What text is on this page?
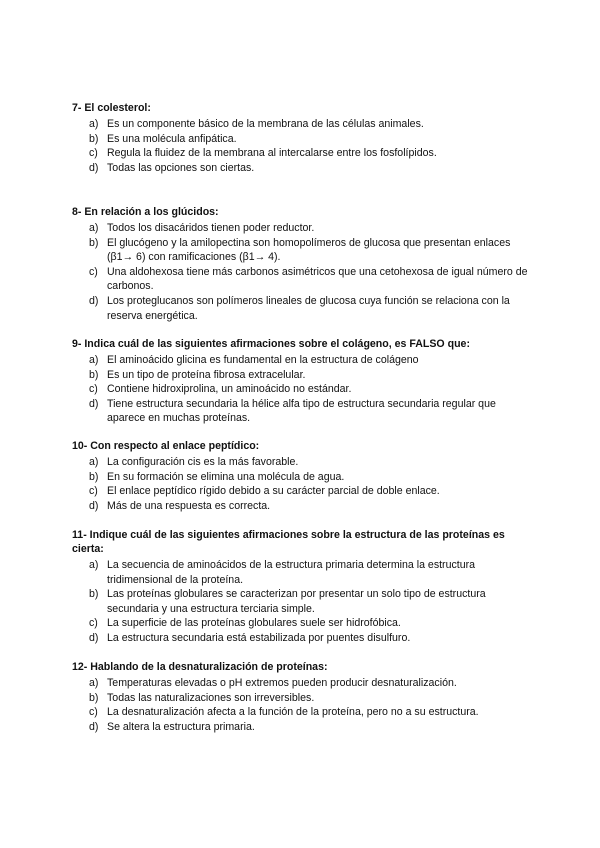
7- El colesterol:

a) Es un componente básico de la membrana de las células animales.
b) Es una molécula anfipática.
c) Regula la fluidez de la membrana al intercalarse entre los fosfolípidos.
d) Todas las opciones son ciertas.

8- En relación a los glúcidos:

a) Todos los disacáridos tienen poder reductor.
b) El glucógeno y la amilopectina son homopolímeros de glucosa que presentan enlaces (β1→ 6) con ramificaciones (β1→ 4).
c) Una aldohexosa tiene más carbonos asimétricos que una cetohexosa de igual número de carbonos.
d) Los proteglucanos son polímeros lineales de glucosa cuya función se relaciona con la reserva energética.

9- Indica cuál de las siguientes afirmaciones sobre el colágeno, es FALSO que:

a) El aminoácido glicina es fundamental en la estructura de colágeno
b) Es un tipo de proteína fibrosa extracelular.
c) Contiene hidroxiprolina, un aminoácido no estándar.
d) Tiene estructura secundaria la hélice alfa tipo de estructura secundaria regular que aparece en muchas proteínas.

10- Con respecto al enlace peptídico:

a) La configuración cis es la más favorable.
b) En su formación se elimina una molécula de agua.
c) El enlace peptídico rígido debido a su carácter parcial de doble enlace.
d) Más de una respuesta es correcta.

11- Indique cuál de las siguientes afirmaciones sobre la estructura de las proteínas es cierta:

a) La secuencia de aminoácidos de la estructura primaria determina la estructura tridimensional de la proteína.
b) Las proteínas globulares se caracterizan por presentar un solo tipo de estructura secundaria y una estructura terciaria simple.
c) La superficie de las proteínas globulares suele ser hidrofóbica.
d) La estructura secundaria está estabilizada por puentes disulfuro.

12- Hablando de la desnaturalización de proteínas:

a) Temperaturas elevadas o pH extremos pueden producir desnaturalización.
b) Todas las naturalizaciones son irreversibles.
c) La desnaturalización afecta a la función de la proteína, pero no a su estructura.
d) Se altera la estructura primaria.
